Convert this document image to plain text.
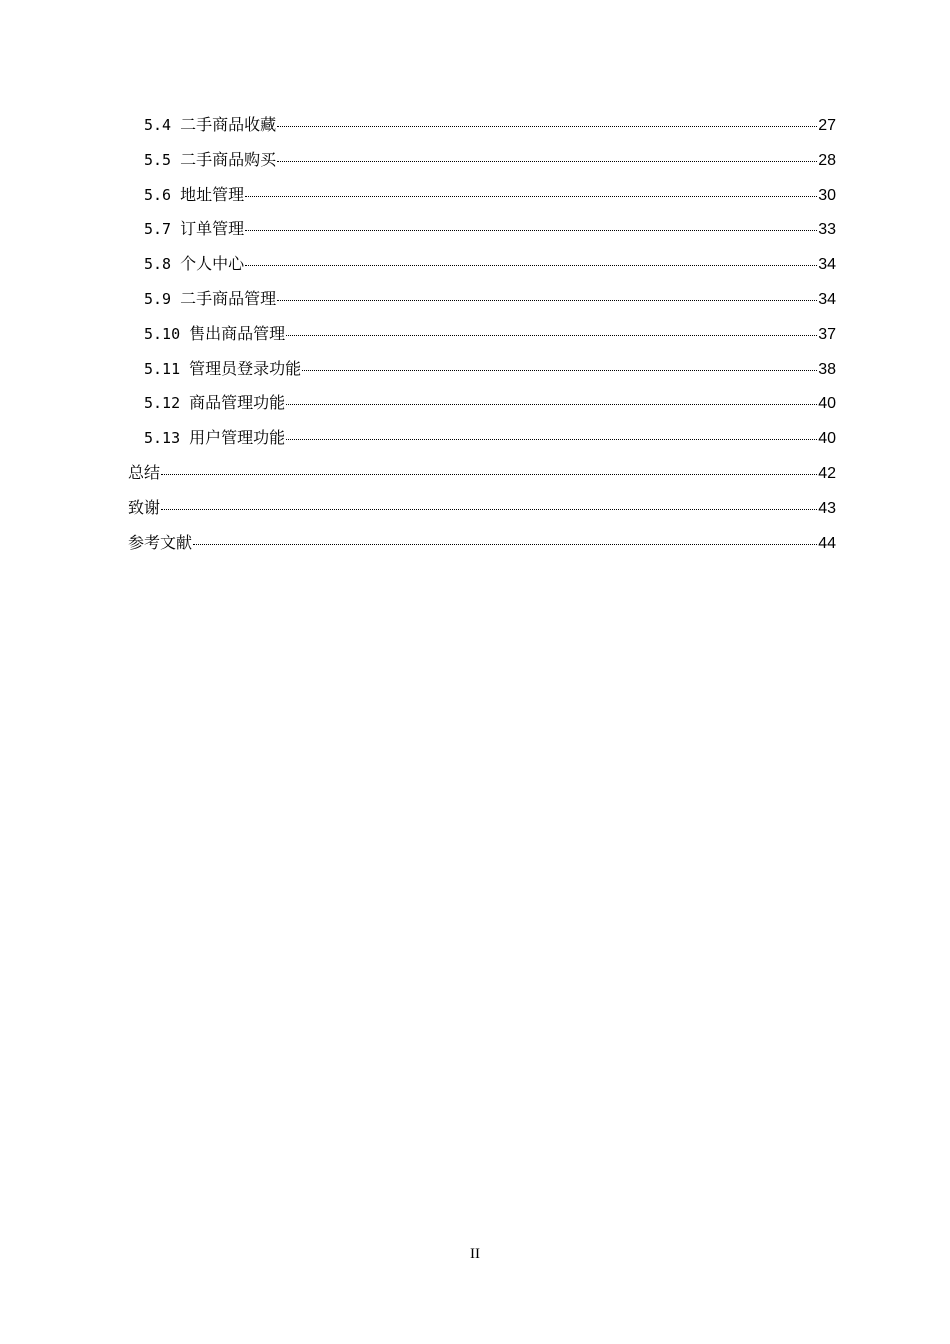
5.4 二手商品收藏	27
5.5 二手商品购买	28
5.6 地址管理	30
5.7 订单管理	33
5.8 个人中心	34
5.9 二手商品管理	34
5.10 售出商品管理	37
5.11 管理员登录功能	38
5.12 商品管理功能	40
5.13 用户管理功能	40
总结	42
致谢	43
参考文献	44
II
